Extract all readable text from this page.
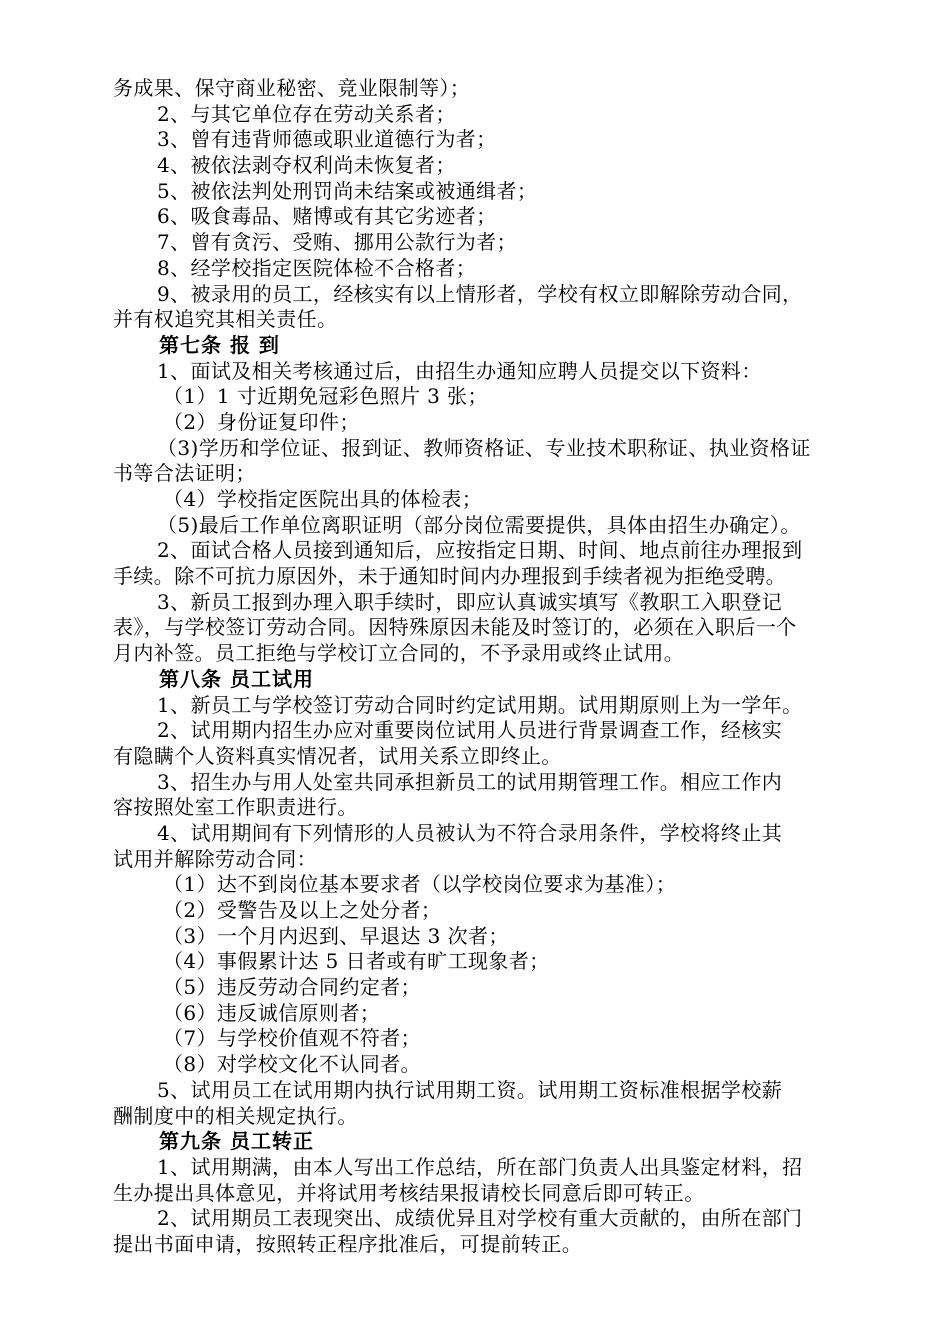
务成果、保守商业秘密、竞业限制等）；
2、与其它单位存在劳动关系者；
3、曾有违背师德或职业道德行为者；
4、被依法剥夺权利尚未恢复者；
5、被依法判处刑罚尚未结案或被通缉者；
6、吸食毒品、赌博或有其它劣迹者；
7、曾有贪污、受贿、挪用公款行为者；
8、经学校指定医院体检不合格者；
9、被录用的员工，经核实有以上情形者，学校有权立即解除劳动合同，
并有权追究其相关责任。
第七条 报 到
1、面试及相关考核通过后，由招生办通知应聘人员提交以下资料：
（1）1 寸近期免冠彩色照片 3 张；
（2）身份证复印件；
（3)学历和学位证、报到证、教师资格证、专业技术职称证、执业资格证
书等合法证明；
（4）学校指定医院出具的体检表；
（5)最后工作单位离职证明（部分岗位需要提供，具体由招生办确定）。
2、面试合格人员接到通知后，应按指定日期、时间、地点前往办理报到
手续。除不可抗力原因外，未于通知时间内办理报到手续者视为拒绝受聘。
3、新员工报到办理入职手续时，即应认真诚实填写《教职工入职登记
表》，与学校签订劳动合同。因特殊原因未能及时签订的，必须在入职后一个
月内补签。员工拒绝与学校订立合同的，不予录用或终止试用。
第八条 员工试用
1、新员工与学校签订劳动合同时约定试用期。试用期原则上为一学年。
2、试用期内招生办应对重要岗位试用人员进行背景调查工作，经核实
有隐瞒个人资料真实情况者，试用关系立即终止。
3、招生办与用人处室共同承担新员工的试用期管理工作。相应工作内
容按照处室工作职责进行。
4、试用期间有下列情形的人员被认为不符合录用条件，学校将终止其
试用并解除劳动合同：
（1）达不到岗位基本要求者（以学校岗位要求为基准）；
（2）受警告及以上之处分者；
（3）一个月内迟到、早退达 3 次者；
（4）事假累计达 5 日者或有旷工现象者；
（5）违反劳动合同约定者；
（6）违反诚信原则者；
（7）与学校价值观不符者；
（8）对学校文化不认同者。
5、试用员工在试用期内执行试用期工资。试用期工资标准根据学校薪
酬制度中的相关规定执行。
第九条 员工转正
1、试用期满，由本人写出工作总结，所在部门负责人出具鉴定材料，招
生办提出具体意见，并将试用考核结果报请校长同意后即可转正。
2、试用期员工表现突出、成绩优异且对学校有重大贡献的，由所在部门
提出书面申请，按照转正程序批准后，可提前转正。
